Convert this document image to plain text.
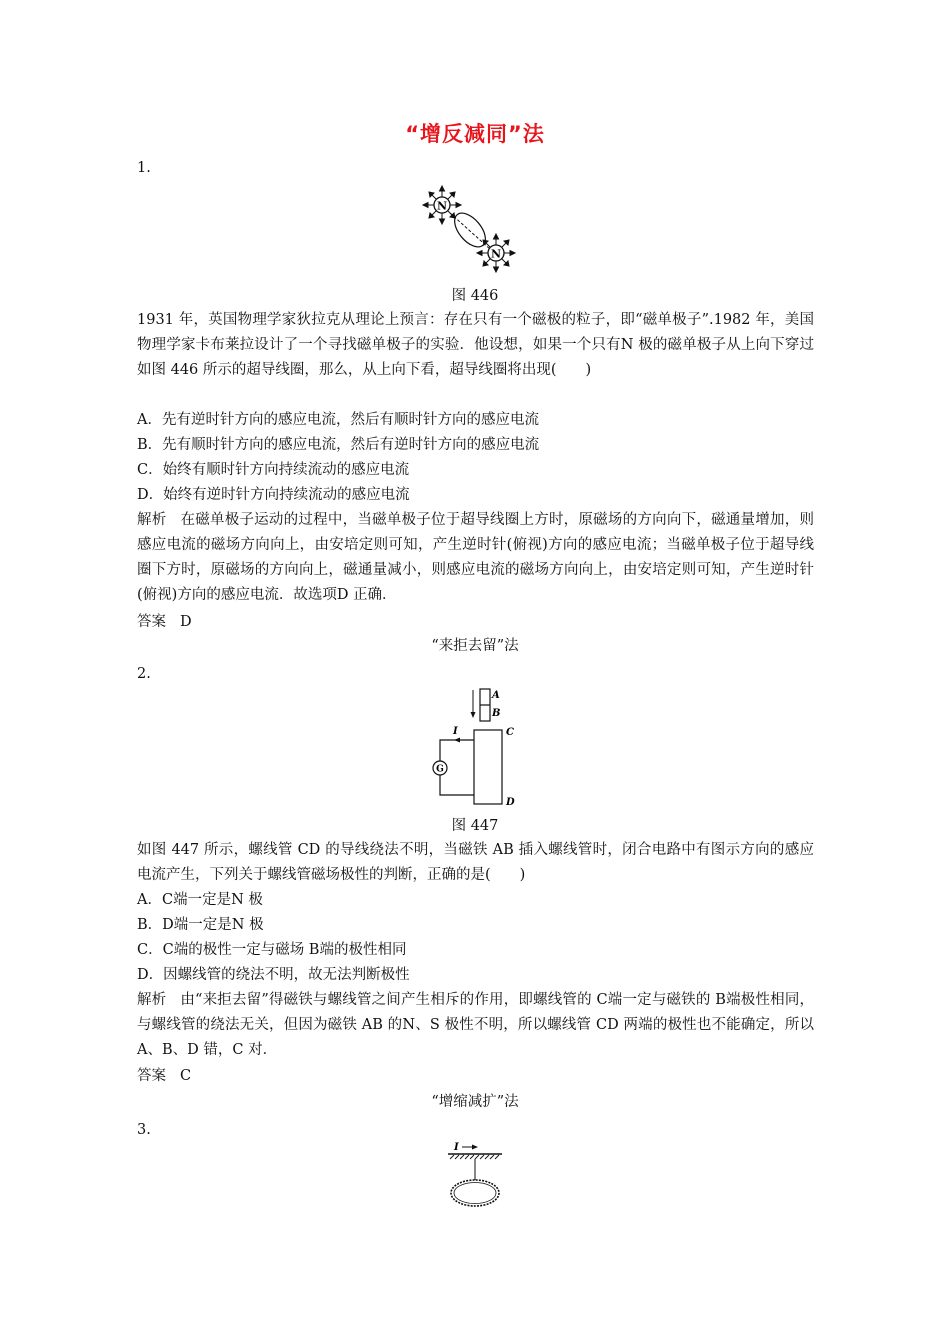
“增反减同”法
1.
N
N
图 446
1931 年，英国物理学家狄拉克从理论上预言：存在只有一个磁极的粒子，即“磁单极子”.1982 年，美国物理学家卡布莱拉设计了一个寻找磁单极子的实验．他设想，如果一个只有N 极的磁单极子从上向下穿过如图 446 所示的超导线圈，那么，从上向下看，超导线圈将出现(　　)
A．先有逆时针方向的感应电流，然后有顺时针方向的感应电流
B．先有顺时针方向的感应电流，然后有逆时针方向的感应电流
C．始终有顺时针方向持续流动的感应电流
D．始终有逆时针方向持续流动的感应电流
解析 在磁单极子运动的过程中，当磁单极子位于超导线圈上方时，原磁场的方向向下，磁通量增加，则感应电流的磁场方向向上，由安培定则可知，产生逆时针(俯视)方向的感应电流；当磁单极子位于超导线圈下方时，原磁场的方向向上，磁通量减小，则感应电流的磁场方向向上，由安培定则可知，产生逆时针(俯视)方向的感应电流．故选项D 正确．
答案 D
“来拒去留”法
2.
A
B
C
D
I
G
图 447
如图 447 所示，螺线管 CD 的导线绕法不明，当磁铁 AB 插入螺线管时，闭合电路中有图示方向的感应电流产生，下列关于螺线管磁场极性的判断，正确的是(　　)
A．C端一定是N 极
B．D端一定是N 极
C．C端的极性一定与磁场 B端的极性相同
D．因螺线管的绕法不明，故无法判断极性
解析 由“来拒去留”得磁铁与螺线管之间产生相斥的作用，即螺线管的 C端一定与磁铁的 B端极性相同，与螺线管的绕法无关，但因为磁铁 AB 的N、S 极性不明，所以螺线管 CD 两端的极性也不能确定，所以A、B、D 错，C 对．
答案 C
“增缩减扩”法
3.
I
